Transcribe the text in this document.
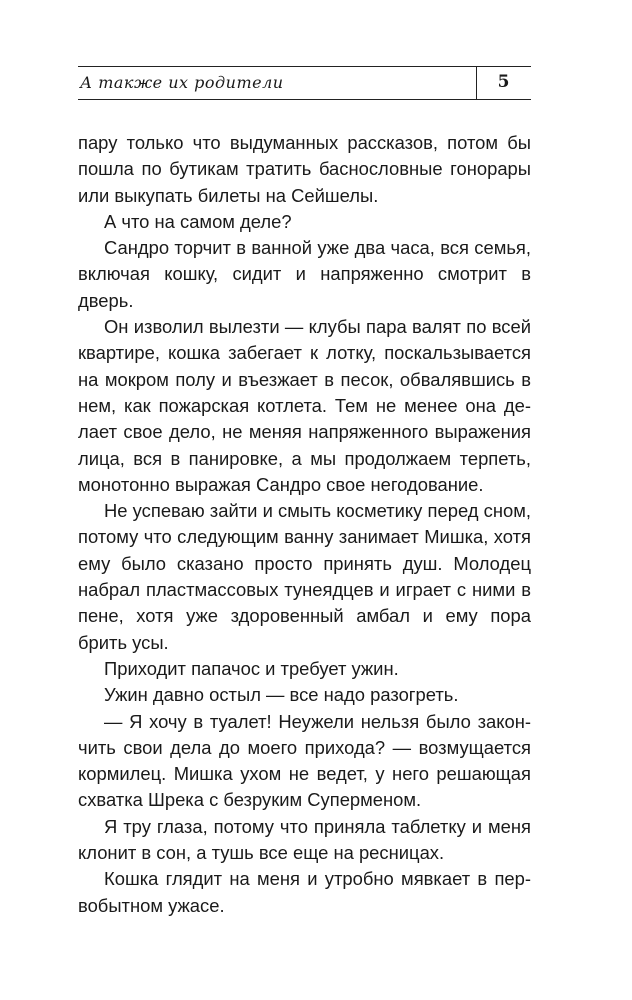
А также их родители	5

пару только что выдуманных рассказов, потом бы пошла по бутикам тратить баснословные гонорары или выкупать билеты на Сейшелы.

А что на самом деле?

Сандро торчит в ванной уже два часа, вся семья, включая кошку, сидит и напряженно смотрит в дверь.

Он изволил вылезти — клубы пара валят по всей квартире, кошка забегает к лотку, поскальзывается на мокром полу и въезжает в песок, обвалявшись в нем, как пожарская котлета. Тем не менее она делает свое дело, не меняя напряженного выражения лица, вся в панировке, а мы продолжаем терпеть, монотонно выражая Сандро свое негодование.

Не успеваю зайти и смыть косметику перед сном, потому что следующим ванну занимает Мишка, хотя ему было сказано просто принять душ. Молодец набрал пластмассовых тунеядцев и играет с ними в пене, хотя уже здоровенный амбал и ему пора брить усы.

Приходит папачос и требует ужин.

Ужин давно остыл — все надо разогреть.

— Я хочу в туалет! Неужели нельзя было закончить свои дела до моего прихода? — возмущается кормилец. Мишка ухом не ведет, у него решающая схватка Шрека с безруким Суперменом.

Я тру глаза, потому что приняла таблетку и меня клонит в сон, а тушь все еще на ресницах.

Кошка глядит на меня и утробно мявкает в первобытном ужасе.
